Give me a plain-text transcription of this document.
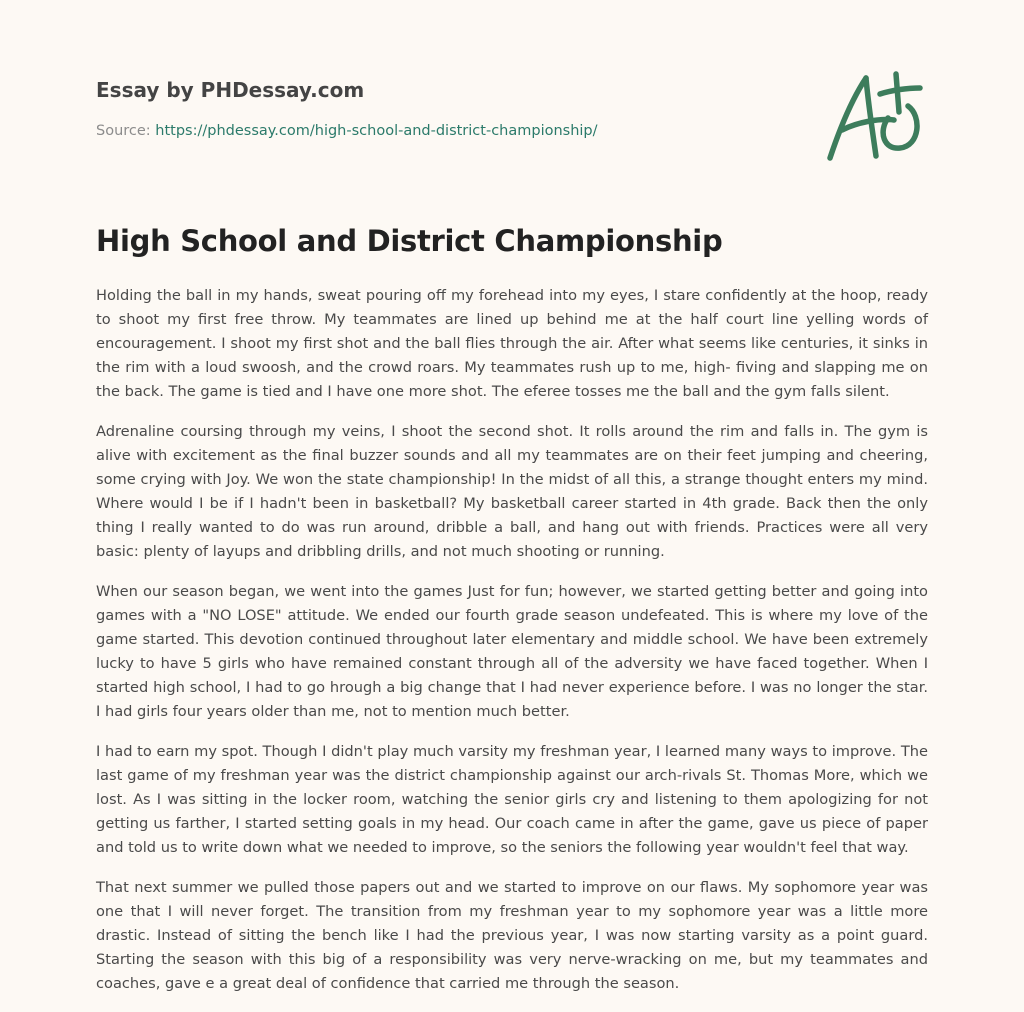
Essay by PHDessay.com

Source: https://phdessay.com/high-school-and-district-championship/
High School and District Championship

Holding the ball in my hands, sweat pouring off my forehead into my eyes, I stare confidently at the hoop, ready to shoot my first free throw. My teammates are lined up behind me at the half court line yelling words of encouragement. I shoot my first shot and the ball flies through the air. After what seems like centuries, it sinks in the rim with a loud swoosh, and the crowd roars. My teammates rush up to me, high- fiving and slapping me on the back. The game is tied and I have one more shot. The eferee tosses me the ball and the gym falls silent.

Adrenaline coursing through my veins, I shoot the second shot. It rolls around the rim and falls in. The gym is alive with excitement as the final buzzer sounds and all my teammates are on their feet jumping and cheering, some crying with Joy. We won the state championship! In the midst of all this, a strange thought enters my mind. Where would I be if I hadn't been in basketball? My basketball career started in 4th grade. Back then the only thing I really wanted to do was run around, dribble a ball, and hang out with friends. Practices were all very basic: plenty of layups and dribbling drills, and not much shooting or running.

When our season began, we went into the games Just for fun; however, we started getting better and going into games with a "NO LOSE" attitude. We ended our fourth grade season undefeated. This is where my love of the game started. This devotion continued throughout later elementary and middle school. We have been extremely lucky to have 5 girls who have remained constant through all of the adversity we have faced together. When I started high school, I had to go hrough a big change that I had never experience before. I was no longer the star. I had girls four years older than me, not to mention much better.

I had to earn my spot. Though I didn't play much varsity my freshman year, I learned many ways to improve. The last game of my freshman year was the district championship against our arch-rivals St. Thomas More, which we lost. As I was sitting in the locker room, watching the senior girls cry and listening to them apologizing for not getting us farther, I started setting goals in my head. Our coach came in after the game, gave us piece of paper and told us to write down what we needed to improve, so the seniors the following year wouldn't feel that way.

That next summer we pulled those papers out and we started to improve on our flaws. My sophomore year was one that I will never forget. The transition from my freshman year to my sophomore year was a little more drastic. Instead of sitting the bench like I had the previous year, I was now starting varsity as a point guard. Starting the season with this big of a responsibility was very nerve-wracking on me, but my teammates and coaches, gave e a great deal of confidence that carried me through the season.
